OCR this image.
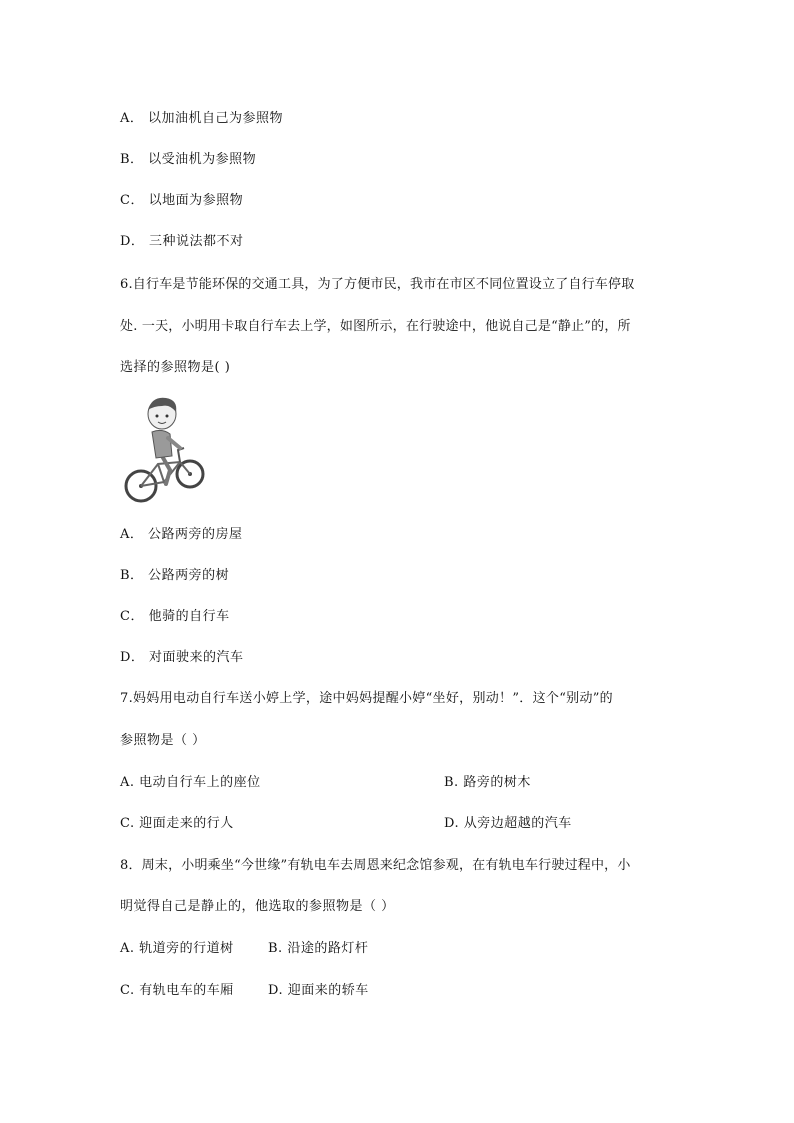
A． 以加油机自己为参照物
B． 以受油机为参照物
C． 以地面为参照物
D． 三种说法都不对
6.自行车是节能环保的交通工具，为了方便市民，我市在市区不同位置设立了自行车停取
处. 一天，小明用卡取自行车去上学，如图所示，在行驶途中，他说自己是“静止”的，所
选择的参照物是( )
A． 公路两旁的房屋
B． 公路两旁的树
C． 他骑的自行车
D． 对面驶来的汽车
7.妈妈用电动自行车送小婷上学，途中妈妈提醒小婷“坐好，别动！”．这个“别动”的
参照物是（ ）
A. 电动自行车上的座位	B. 路旁的树木
C. 迎面走来的行人	D. 从旁边超越的汽车
8．周末，小明乘坐“今世缘”有轨电车去周恩来纪念馆参观，在有轨电车行驶过程中，小
明觉得自己是静止的，他选取的参照物是（ ）
A. 轨道旁的行道树	B. 沿途的路灯杆
C. 有轨电车的车厢	D. 迎面来的轿车
